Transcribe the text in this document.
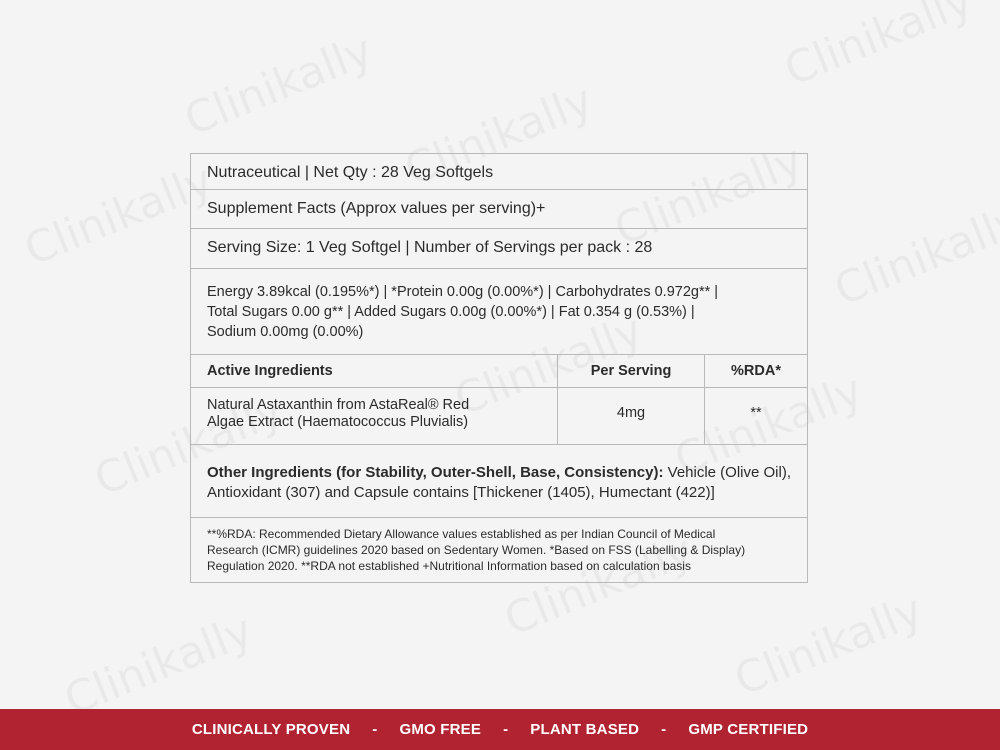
Nutraceutical | Net Qty : 28 Veg Softgels
Supplement Facts (Approx values per serving)+
Serving Size: 1 Veg Softgel | Number of Servings per pack : 28
Energy 3.89kcal (0.195%*) | *Protein 0.00g (0.00%*) | Carbohydrates 0.972g** |
Total Sugars 0.00 g** | Added Sugars 0.00g (0.00%*) | Fat 0.354 g (0.53%) |
Sodium 0.00mg (0.00%)
Active Ingredients	Per Serving	%RDA*
Natural Astaxanthin from AstaReal® Red
Algae Extract (Haematococcus Pluvialis)
4mg	**
Other Ingredients (for Stability, Outer-Shell, Base, Consistency): Vehicle (Olive Oil), Antioxidant (307) and Capsule contains [Thickener (1405), Humectant (422)]
**%RDA: Recommended Dietary Allowance values established as per Indian Council of Medical
Research (ICMR) guidelines 2020 based on Sedentary Women. *Based on FSS (Labelling & Display)
Regulation 2020. **RDA not established +Nutritional Information based on calculation basis
CLINICALLY PROVEN - GMO FREE - PLANT BASED - GMP CERTIFIED
